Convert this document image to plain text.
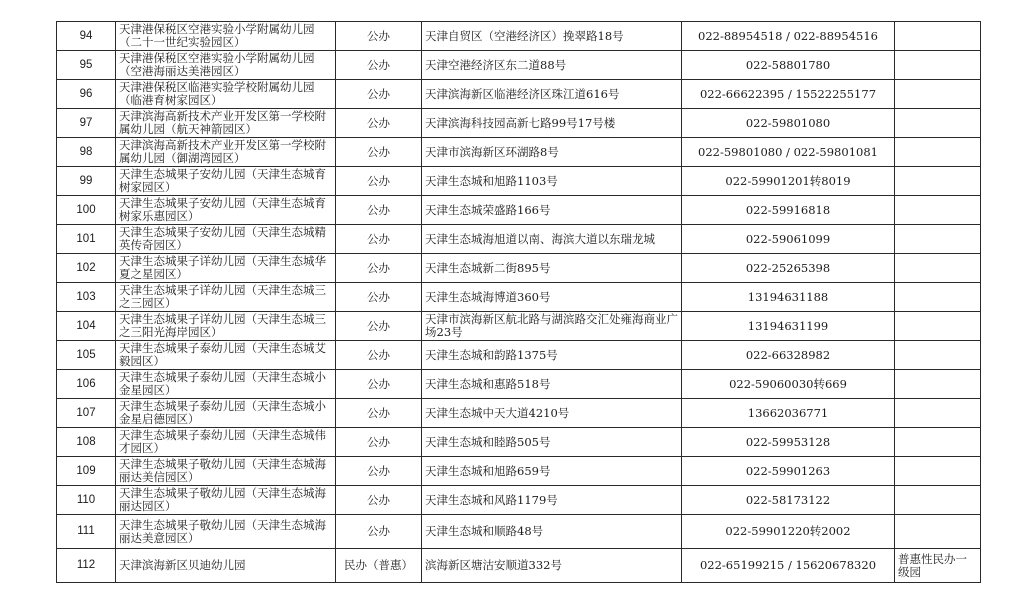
94	天津港保税区空港实验小学附属幼儿园（二十一世纪实验园区）	公办	天津自贸区（空港经济区）挽翠路18号	022-88954518 / 022-88954516	
95	天津港保税区空港实验小学附属幼儿园（空港海丽达美港园区）	公办	天津空港经济区东二道88号	022-58801780	
96	天津港保税区临港实验学校附属幼儿园（临港育树家园区）	公办	天津滨海新区临港经济区珠江道616号	022-66622395 / 15522255177	
97	天津滨海高新技术产业开发区第一学校附属幼儿园（航天神箭园区）	公办	天津滨海科技园高新七路99号17号楼	022-59801080	
98	天津滨海高新技术产业开发区第一学校附属幼儿园（御湖湾园区）	公办	天津市滨海新区环湖路8号	022-59801080 / 022-59801081	
99	天津生态城果子安幼儿园（天津生态城育树家园区）	公办	天津生态城和旭路1103号	022-59901201转8019	
100	天津生态城果子安幼儿园（天津生态城育树家乐惠园区）	公办	天津生态城荣盛路166号	022-59916818	
101	天津生态城果子安幼儿园（天津生态城精英传奇园区）	公办	天津生态城海旭道以南、海滨大道以东瑞龙城	022-59061099	
102	天津生态城果子详幼儿园（天津生态城华夏之星园区）	公办	天津生态城新二街895号	022-25265398	
103	天津生态城果子详幼儿园（天津生态城三之三园区）	公办	天津生态城海博道360号	13194631188	
104	天津生态城果子详幼儿园（天津生态城三之三阳光海岸园区）	公办	天津市滨海新区航北路与湖滨路交汇处雍海商业广场23号	13194631199	
105	天津生态城果子泰幼儿园（天津生态城艾毅园区）	公办	天津生态城和韵路1375号	022-66328982	
106	天津生态城果子泰幼儿园（天津生态城小金星园区）	公办	天津生态城和惠路518号	022-59060030转669	
107	天津生态城果子泰幼儿园（天津生态城小金星启德园区）	公办	天津生态城中天大道4210号	13662036771	
108	天津生态城果子泰幼儿园（天津生态城伟才园区）	公办	天津生态城和睦路505号	022-59953128	
109	天津生态城果子敬幼儿园（天津生态城海丽达美信园区）	公办	天津生态城和旭路659号	022-59901263	
110	天津生态城果子敬幼儿园（天津生态城海丽达园区）	公办	天津生态城和风路1179号	022-58173122	
111	天津生态城果子敬幼儿园（天津生态城海丽达美意园区）	公办	天津生态城和顺路48号	022-59901220转2002	
112	天津滨海新区贝迪幼儿园	民办（普惠）	滨海新区塘沽安顺道332号	022-65199215 / 15620678320	普惠性民办一级园
